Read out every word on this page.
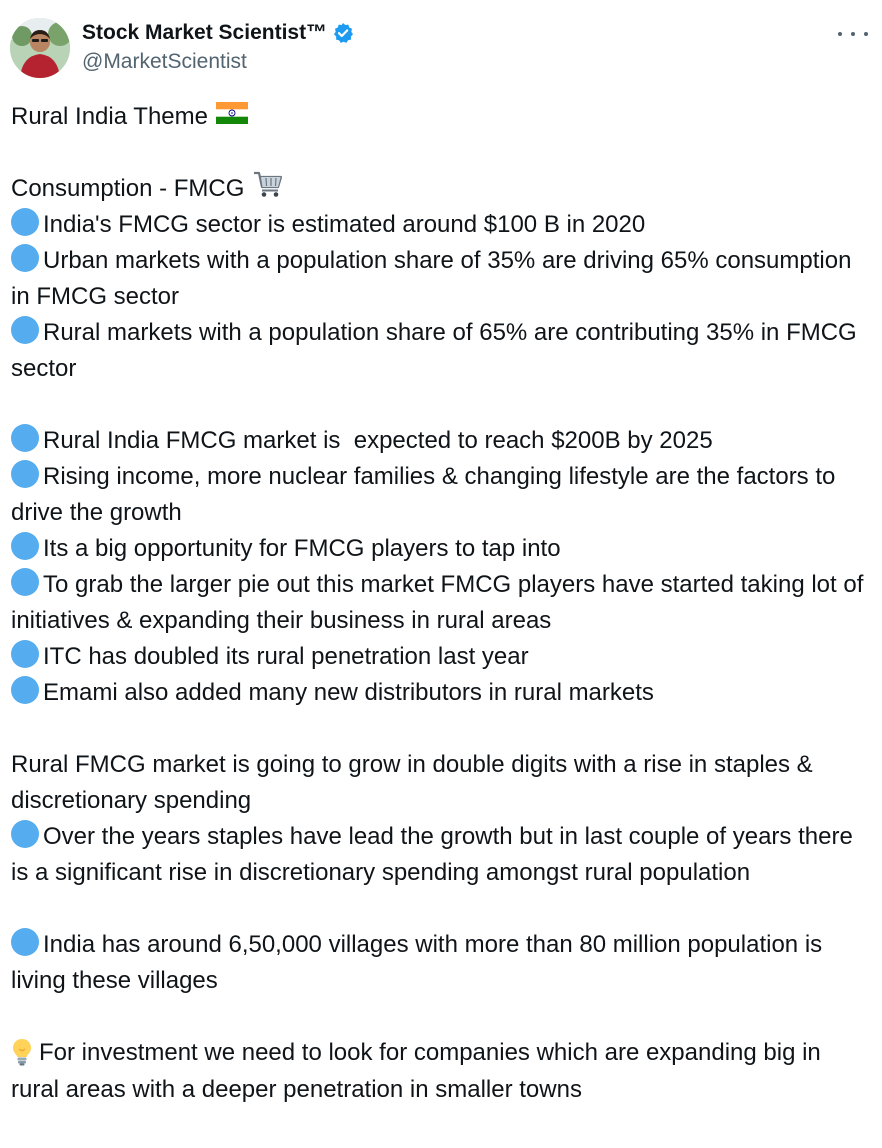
Stock Market Scientist™
@MarketScientist
Rural India Theme
Consumption - FMCG
India's FMCG sector is estimated around $100 B in 2020
Urban markets with a population share of 35% are driving 65% consumption in FMCG sector
Rural markets with a population share of 65% are contributing 35% in FMCG sector
Rural India FMCG market is  expected to reach $200B by 2025
Rising income, more nuclear families & changing lifestyle are the factors to drive the growth
Its a big opportunity for FMCG players to tap into
To grab the larger pie out this market FMCG players have started taking lot of initiatives & expanding their business in rural areas
ITC has doubled its rural penetration last year
Emami also added many new distributors in rural markets
Rural FMCG market is going to grow in double digits with a rise in staples & discretionary spending
Over the years staples have lead the growth but in last couple of years there is a significant rise in discretionary spending amongst rural population
India has around 6,50,000 villages with more than 80 million population is living these villages
For investment we need to look for companies which are expanding big in rural areas with a deeper penetration in smaller towns
